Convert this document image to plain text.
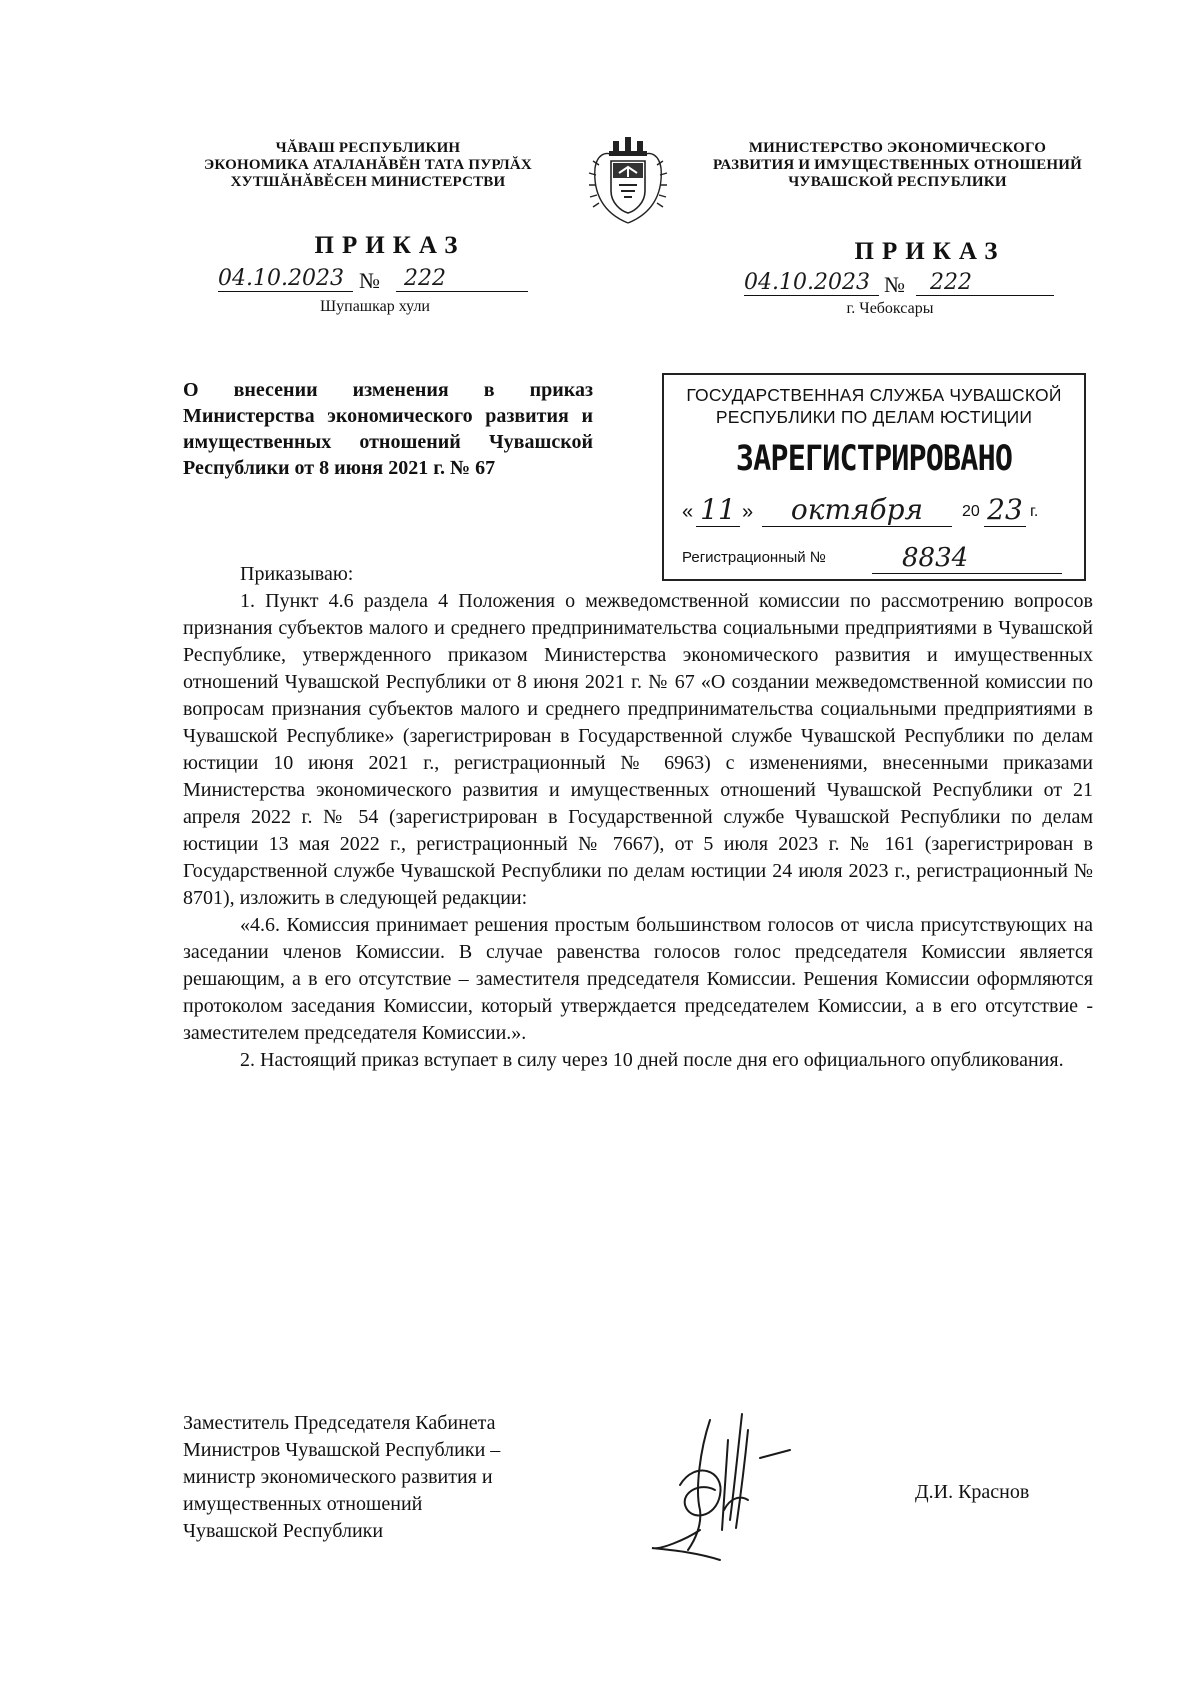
ЧĂВАШ РЕСПУБЛИКИН
ЭКОНОМИКА АТАЛАНĂВĔН ТАТА ПУРЛĂХ
ХУТШĂНĂВĔСЕН МИНИСТЕРСТВИ
МИНИСТЕРСТВО ЭКОНОМИЧЕСКОГО
РАЗВИТИЯ И ИМУЩЕСТВЕННЫХ ОТНОШЕНИЙ
ЧУВАШСКОЙ РЕСПУБЛИКИ
ПРИКАЗ
04.10.2023 №	222
Шупашкар хули
ПРИКАЗ
04.10.2023 №	222
г. Чебоксары
О внесении изменения в приказ Министерства экономического развития и имущественных отношений Чувашской Республики от 8 июня 2021 г. № 67
ГОСУДАРСТВЕННАЯ СЛУЖБА ЧУВАШСКОЙ
РЕСПУБЛИКИ ПО ДЕЛАМ ЮСТИЦИИ
ЗАРЕГИСТРИРОВАНО
« 11 »	октября	20 23 г.
Регистрационный №	8834

Приказываю:

1. Пункт 4.6 раздела 4 Положения о межведомственной комиссии по рассмотрению вопросов признания субъектов малого и среднего предпринимательства социальными предприятиями в Чувашской Республике, утвержденного приказом Министерства экономического развития и имущественных отношений Чувашской Республики от 8 июня 2021 г. № 67 «О создании межведомственной комиссии по вопросам признания субъектов малого и среднего предпринимательства социальными предприятиями в Чувашской Республике» (зарегистрирован в Государственной службе Чувашской Республики по делам юстиции 10 июня 2021 г., регистрационный № 6963) с изменениями, внесенными приказами Министерства экономического развития и имущественных отношений Чувашской Республики от 21 апреля 2022 г. № 54 (зарегистрирован в Государственной службе Чувашской Республики по делам юстиции 13 мая 2022 г., регистрационный № 7667), от 5 июля 2023 г. № 161 (зарегистрирован в Государственной службе Чувашской Республики по делам юстиции 24 июля 2023 г., регистрационный № 8701), изложить в следующей редакции:

«4.6. Комиссия принимает решения простым большинством голосов от числа присутствующих на заседании членов Комиссии. В случае равенства голосов голос председателя Комиссии является решающим, а в его отсутствие – заместителя председателя Комиссии. Решения Комиссии оформляются протоколом заседания Комиссии, который утверждается председателем Комиссии, а в его отсутствие - заместителем председателя Комиссии.».

2. Настоящий приказ вступает в силу через 10 дней после дня его официального опубликования.

Заместитель Председателя Кабинета
Министров Чувашской Республики –
министр экономического развития и
имущественных отношений
Чувашской Республики
Д.И. Краснов
